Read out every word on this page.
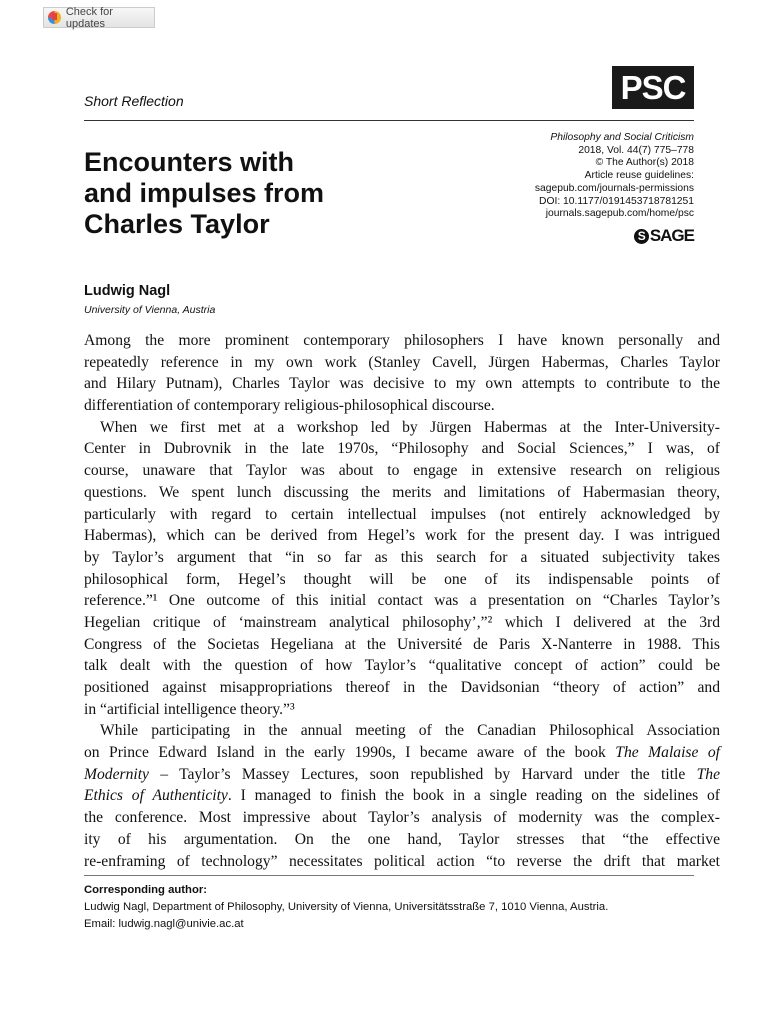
Check for updates
Short Reflection	PSC
Philosophy and Social Criticism
2018, Vol. 44(7) 775–778
© The Author(s) 2018
Article reuse guidelines:
sagepub.com/journals-permissions
DOI: 10.1177/0191453718781251
journals.sagepub.com/home/psc
S SAGE
Encounters with
and impulses from
Charles Taylor
Ludwig Nagl
University of Vienna, Austria
Among the more prominent contemporary philosophers I have known personally and
repeatedly reference in my own work (Stanley Cavell, Jürgen Habermas, Charles Taylor
and Hilary Putnam), Charles Taylor was decisive to my own attempts to contribute to the
differentiation of contemporary religious-philosophical discourse.
When we first met at a workshop led by Jürgen Habermas at the Inter-University-
Center in Dubrovnik in the late 1970s, “Philosophy and Social Sciences,” I was, of
course, unaware that Taylor was about to engage in extensive research on religious
questions. We spent lunch discussing the merits and limitations of Habermasian theory,
particularly with regard to certain intellectual impulses (not entirely acknowledged by
Habermas), which can be derived from Hegel’s work for the present day. I was intrigued
by Taylor’s argument that “in so far as this search for a situated subjectivity takes
philosophical form, Hegel’s thought will be one of its indispensable points of
reference.”¹ One outcome of this initial contact was a presentation on “Charles Taylor’s
Hegelian critique of ‘mainstream analytical philosophy’,”² which I delivered at the 3rd
Congress of the Societas Hegeliana at the Université de Paris X-Nanterre in 1988. This
talk dealt with the question of how Taylor’s “qualitative concept of action” could be
positioned against misappropriations thereof in the Davidsonian “theory of action” and
in “artificial intelligence theory.”³
While participating in the annual meeting of the Canadian Philosophical Association
on Prince Edward Island in the early 1990s, I became aware of the book The Malaise of
Modernity – Taylor’s Massey Lectures, soon republished by Harvard under the title The
Ethics of Authenticity. I managed to finish the book in a single reading on the sidelines of
the conference. Most impressive about Taylor’s analysis of modernity was the complex-
ity of his argumentation. On the one hand, Taylor stresses that “the effective
re-enframing of technology” necessitates political action “to reverse the drift that market
Corresponding author:
Ludwig Nagl, Department of Philosophy, University of Vienna, Universitätsstraße 7, 1010 Vienna, Austria.
Email: ludwig.nagl@univie.ac.at
